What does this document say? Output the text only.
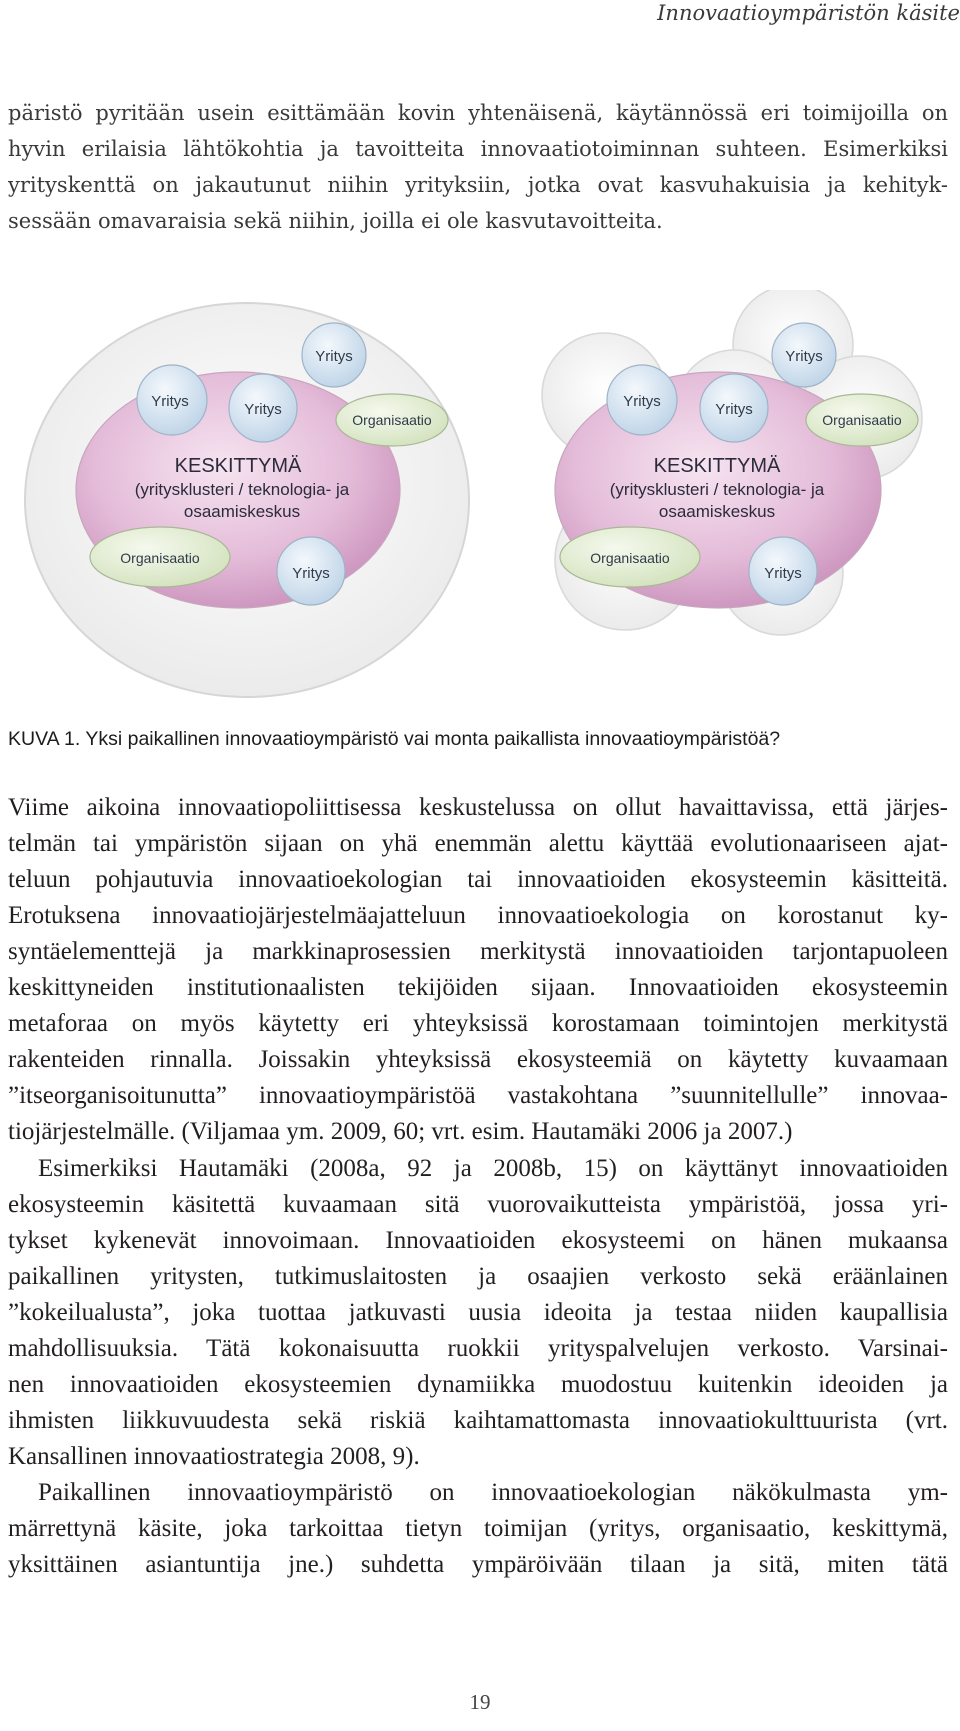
Innovaatioympäristön käsite
päristö pyritään usein esittämään kovin yhtenäisenä, käytännössä eri toimijoilla on
hyvin erilaisia lähtökohtia ja tavoitteita innovaatiotoiminnan suhteen. Esimerkiksi
yrityskenttä on jakautunut niihin yrityksiin, jotka ovat kasvuhakuisia ja kehityk-
sessään omavaraisia sekä niihin, joilla ei ole kasvutavoitteita.
Yritys
Yritys	Yritys
Organisaatio
KESKITTYMÄ
(yritysklusteri / teknologia- ja
osaamiskeskus
Organisaatio
Yritys
Yritys
Yritys	Yritys
Organisaatio
KESKITTYMÄ
(yritysklusteri / teknologia- ja
osaamiskeskus
Organisaatio
Yritys
KUVA 1. Yksi paikallinen innovaatioympäristö vai monta paikallista innovaatioympäristöä?
Viime aikoina innovaatiopoliittisessa keskustelussa on ollut havaittavissa, että järjes-
telmän tai ympäristön sijaan on yhä enemmän alettu käyttää evolutionaariseen ajat-
teluun pohjautuvia innovaatioekologian tai innovaatioiden ekosysteemin käsitteitä.
Erotuksena innovaatiojärjestelmäajatteluun innovaatioekologia on korostanut ky-
syntäelementtejä ja markkinaprosessien merkitystä innovaatioiden tarjontapuoleen
keskittyneiden institutionaalisten tekijöiden sijaan. Innovaatioiden ekosysteemin
metaforaa on myös käytetty eri yhteyksissä korostamaan toimintojen merkitystä
rakenteiden rinnalla. Joissakin yhteyksissä ekosysteemiä on käytetty kuvaamaan
”itseorganisoitunutta” innovaatioympäristöä vastakohtana ”suunnitellulle” innovaa-
tiojärjestelmälle. (Viljamaa ym. 2009, 60; vrt. esim. Hautamäki 2006 ja 2007.)
Esimerkiksi Hautamäki (2008a, 92 ja 2008b, 15) on käyttänyt innovaatioiden
ekosysteemin käsitettä kuvaamaan sitä vuorovaikutteista ympäristöä, jossa yri-
tykset kykenevät innovoimaan. Innovaatioiden ekosysteemi on hänen mukaansa
paikallinen yritysten, tutkimuslaitosten ja osaajien verkosto sekä eräänlainen
”kokeilualusta”, joka tuottaa jatkuvasti uusia ideoita ja testaa niiden kaupallisia
mahdollisuuksia. Tätä kokonaisuutta ruokkii yrityspalvelujen verkosto. Varsinai-
nen innovaatioiden ekosysteemien dynamiikka muodostuu kuitenkin ideoiden ja
ihmisten liikkuvuudesta sekä riskiä kaihtamattomasta innovaatiokulttuurista (vrt.
Kansallinen innovaatiostrategia 2008, 9).
Paikallinen innovaatioympäristö on innovaatioekologian näkökulmasta ym-
märrettynä käsite, joka tarkoittaa tietyn toimijan (yritys, organisaatio, keskittymä,
yksittäinen asiantuntija jne.) suhdetta ympäröivään tilaan ja sitä, miten tätä
19
